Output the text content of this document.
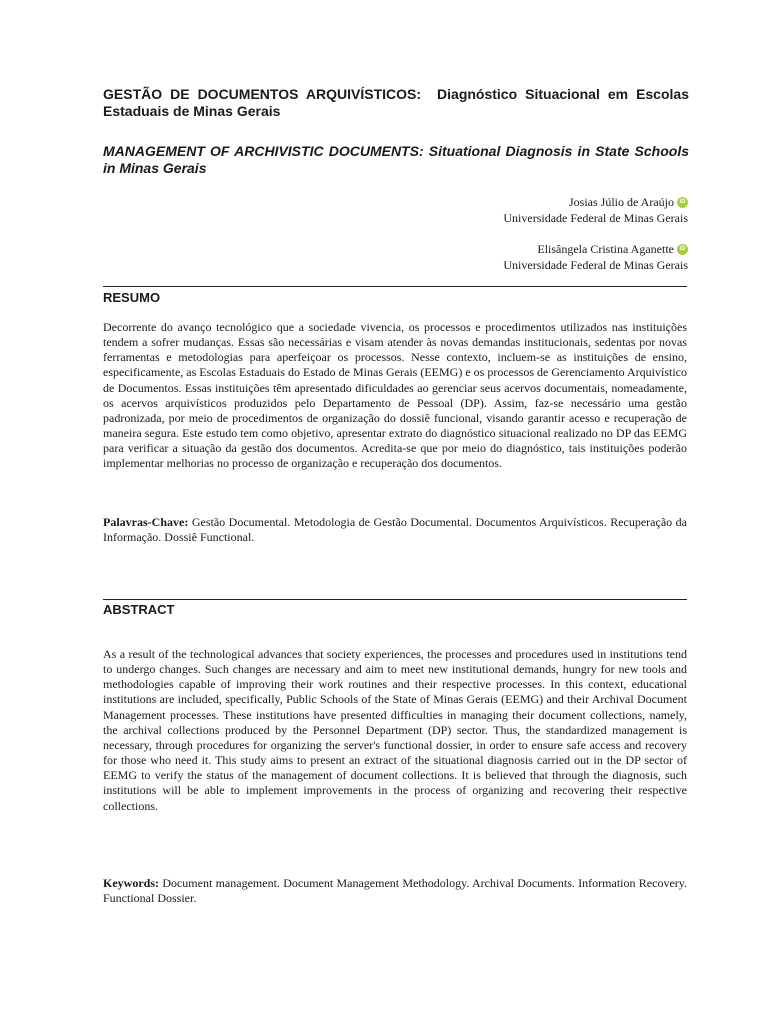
GESTÃO DE DOCUMENTOS ARQUIVÍSTICOS: Diagnóstico Situacional em Escolas Estaduais de Minas Gerais
MANAGEMENT OF ARCHIVISTIC DOCUMENTS: Situational Diagnosis in State Schools in Minas Gerais
Josias Júlio de Araújo iD
Universidade Federal de Minas Gerais
Elisângela Cristina Aganette iD
Universidade Federal de Minas Gerais
RESUMO

Decorrente do avanço tecnológico que a sociedade vivencia, os processos e procedimentos utilizados nas instituições tendem a sofrer mudanças. Essas são necessárias e visam atender às novas demandas institucionais, sedentas por novas ferramentas e metodologias para aperfeiçoar os processos. Nesse contexto, incluem-se as instituições de ensino, especificamente, as Escolas Estaduais do Estado de Minas Gerais (EEMG) e os processos de Gerenciamento Arquivístico de Documentos. Essas instituições têm apresentado dificuldades ao gerenciar seus acervos documentais, nomeadamente, os acervos arquivísticos produzidos pelo Departamento de Pessoal (DP). Assim, faz-se necessário uma gestão padronizada, por meio de procedimentos de organização do dossiê funcional, visando garantir acesso e recuperação de maneira segura. Este estudo tem como objetivo, apresentar extrato do diagnóstico situacional realizado no DP das EEMG para verificar a situação da gestão dos documentos. Acredita-se que por meio do diagnóstico, tais instituições poderão implementar melhorias no processo de organização e recuperação dos documentos.

Palavras-Chave: Gestão Documental. Metodologia de Gestão Documental. Documentos Arquivísticos. Recuperação da Informação. Dossiê Functional.

ABSTRACT

As a result of the technological advances that society experiences, the processes and procedures used in institutions tend to undergo changes. Such changes are necessary and aim to meet new institutional demands, hungry for new tools and methodologies capable of improving their work routines and their respective processes. In this context, educational institutions are included, specifically, Public Schools of the State of Minas Gerais (EEMG) and their Archival Document Management processes. These institutions have presented difficulties in managing their document collections, namely, the archival collections produced by the Personnel Department (DP) sector. Thus, the standardized management is necessary, through procedures for organizing the server's functional dossier, in order to ensure safe access and recovery for those who need it. This study aims to present an extract of the situational diagnosis carried out in the DP sector of EEMG to verify the status of the management of document collections. It is believed that through the diagnosis, such institutions will be able to implement improvements in the process of organizing and recovering their respective collections.

Keywords: Document management. Document Management Methodology. Archival Documents. Information Recovery. Functional Dossier.
